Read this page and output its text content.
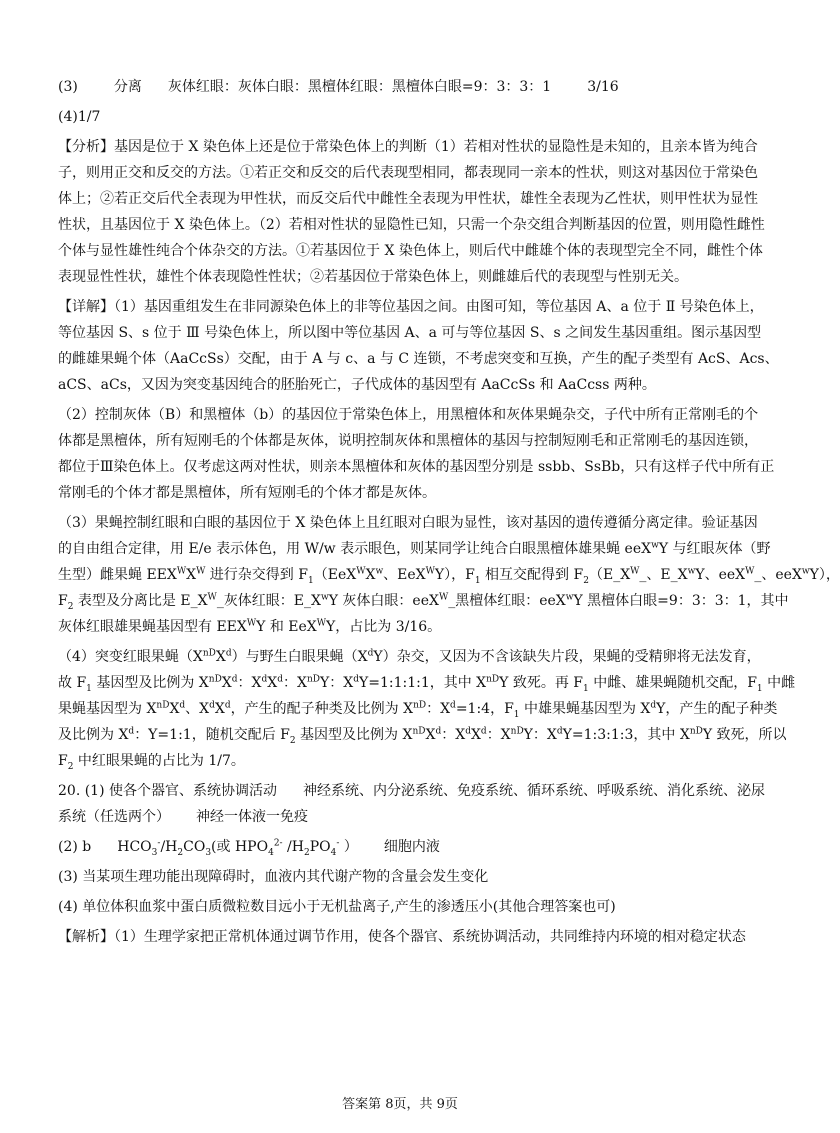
(3)	分离 灰体红眼：灰体白眼：黑檀体红眼：黑檀体白眼=9：3：3：1	3/16
(4)1/7
【分析】基因是位于 X 染色体上还是位于常染色体上的判断（1）若相对性状的显隐性是未知的，且亲本皆为纯合
子，则用正交和反交的方法。①若正交和反交的后代表现型相同，都表现同一亲本的性状，则这对基因位于常染色
体上；②若正交后代全表现为甲性状，而反交后代中雌性全表现为甲性状，雄性全表现为乙性状，则甲性状为显性
性状，且基因位于 X 染色体上。（2）若相对性状的显隐性已知，只需一个杂交组合判断基因的位置，则用隐性雌性
个体与显性雄性纯合个体杂交的方法。①若基因位于 X 染色体上，则后代中雌雄个体的表现型完全不同，雌性个体
表现显性性状，雄性个体表现隐性性状；②若基因位于常染色体上，则雌雄后代的表现型与性别无关。
【详解】（1）基因重组发生在非同源染色体上的非等位基因之间。由图可知，等位基因 A、a 位于 Ⅱ 号染色体上，
等位基因 S、s 位于 Ⅲ 号染色体上，所以图中等位基因 A、a 可与等位基因 S、s 之间发生基因重组。图示基因型
的雌雄果蝇个体（AaCcSs）交配，由于 A 与 c、a 与 C 连锁，不考虑突变和互换，产生的配子类型有 AcS、Acs、
aCS、aCs，又因为突变基因纯合的胚胎死亡，子代成体的基因型有 AaCcSs 和 AaCcss 两种。
（2）控制灰体（B）和黑檀体（b）的基因位于常染色体上，用黑檀体和灰体果蝇杂交，子代中所有正常刚毛的个
体都是黑檀体，所有短刚毛的个体都是灰体，说明控制灰体和黑檀体的基因与控制短刚毛和正常刚毛的基因连锁，
都位于Ⅲ染色体上。仅考虑这两对性状，则亲本黑檀体和灰体的基因型分别是 ssbb、SsBb，只有这样子代中所有正
常刚毛的个体才都是黑檀体，所有短刚毛的个体才都是灰体。
（3）果蝇控制红眼和白眼的基因位于 X 染色体上且红眼对白眼为显性，该对基因的遗传遵循分离定律。验证基因
的自由组合定律，用 E/e 表示体色，用 W/w 表示眼色，则某同学让纯合白眼黑檀体雄果蝇 eeX$^w$Y 与红眼灰体（野
生型）雌果蝇 $EEX^WX^W$ 进行杂交得到 $F_1(EeX^WX^w$、EeX$^W$Y），$F_1$ 相互交配得到 $F_2(E\_X^W\_$、$E\_X^wY$、eeX$^W$_、eeX$^w$Y），
$F_2$ 表型及分离比是 $E\_X^W\_$灰体红眼：$E\_X^wY$ 灰体白眼：eeX$^W$_黑檀体红眼：eeX$^w$Y 黑檀体白眼=9：3：3：1，其中
灰体红眼雄果蝇基因型有 $EEX^WY$ 和 EeX$^W$Y，占比为 3/16。
（4）突变红眼果蝇$(XnDX^d)$与野生白眼果蝇$(X^dY)$杂交，又因为不含该缺失片段，果蝇的受精卵将无法发育，
故 $F_1$ 基因型及比例为 $XnDX^d$：$X^dX^d$：XnDY：$X^dY=1:1:1:1$，其中 XnDY 致死。再 $F_1$ 中雌、雄果蝇随机交配，$F_1$ 中雌
果蝇基因型为 $XnDX^d$、$X^dX^d$，产生的配子种类及比例为 XnD：$X^d=1:4$，$F_1$ 中雄果蝇基因型为 $X^dY$，产生的配子种类
及比例为 $X^d$：Y=1:1，随机交配后 $F_2$ 基因型及比例为 $XnDX^d$：$X^dX^d$：XnDY：$X^dY=1:3:1:3$，其中 XnDY 致死，所以
$F_2$ 中红眼果蝇的占比为 1/7。
20. (1) 使各个器官、系统协调活动 神经系统、内分泌系统、免疫系统、循环系统、呼吸系统、消化系统、泌尿
系统（任选两个） 神经一体液一免疫
(2) b $HCO_3^-/H_2CO_3$(或 $HPO_4^{2-}$ $/H_2PO_4^-$ ） 细胞内液
(3) 当某项生理功能出现障碍时，血液内其代谢产物的含量会发生变化
(4) 单位体积血浆中蛋白质微粒数目远小于无机盐离子,产生的渗透压小(其他合理答案也可)
【解析】（1）生理学家把正常机体通过调节作用，使各个器官、系统协调活动，共同维持内环境的相对稳定状态
答案第 8页，共 9页
